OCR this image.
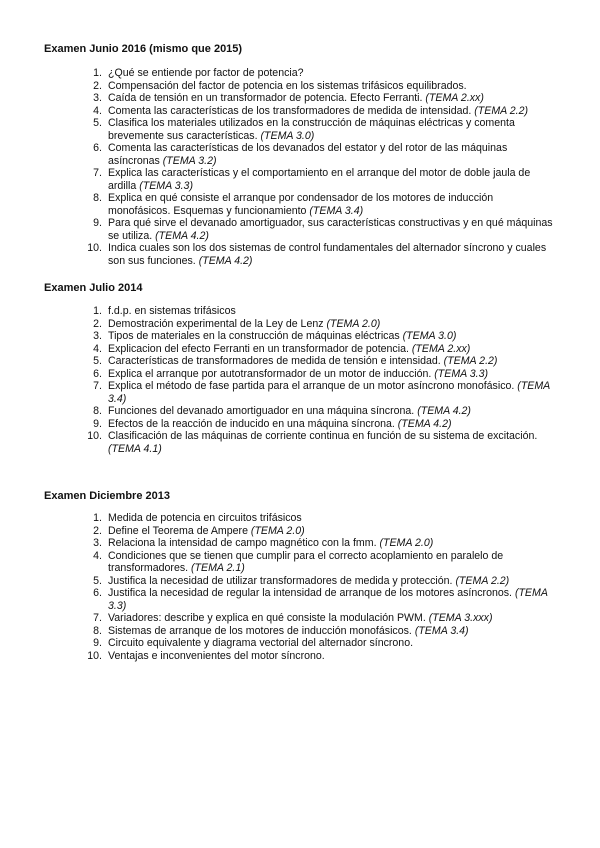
Examen Junio 2016 (mismo que 2015)

1. ¿Qué se entiende por factor de potencia?
2. Compensación del factor de potencia en los sistemas trifásicos equilibrados.
3. Caída de tensión en un transformador de potencia. Efecto Ferranti. (TEMA 2.xx)
4. Comenta las características de los transformadores de medida de intensidad. (TEMA 2.2)
5. Clasifica los materiales utilizados en la construcción de máquinas eléctricas y comenta brevemente sus características. (TEMA 3.0)
6. Comenta las características de los devanados del estator y del rotor de las máquinas asíncronas (TEMA 3.2)
7. Explica las características y el comportamiento en el arranque del motor de doble jaula de ardilla (TEMA 3.3)
8. Explica en qué consiste el arranque por condensador de los motores de inducción monofásicos. Esquemas y funcionamiento (TEMA 3.4)
9. Para qué sirve el devanado amortiguador, sus características constructivas y en qué máquinas se utiliza. (TEMA 4.2)
10. Indica cuales son los dos sistemas de control fundamentales del alternador síncrono y cuales son sus funciones. (TEMA 4.2)

Examen Julio 2014

1. f.d.p. en sistemas trifásicos
2. Demostración experimental de la Ley de Lenz (TEMA 2.0)
3. Tipos de materiales en la construcción de máquinas eléctricas (TEMA 3.0)
4. Explicacion del efecto Ferranti en un transformador de potencia. (TEMA 2.xx)
5. Características de transformadores de medida de tensión e intensidad. (TEMA 2.2)
6. Explica el arranque por autotransformador de un motor de inducción. (TEMA 3.3)
7. Explica el método de fase partida para el arranque de un motor asíncrono monofásico. (TEMA 3.4)
8. Funciones del devanado amortiguador en una máquina síncrona. (TEMA 4.2)
9. Efectos de la reacción de inducido en una máquina síncrona. (TEMA 4.2)
10. Clasificación de las máquinas de corriente continua en función de su sistema de excitación. (TEMA 4.1)

Examen Diciembre 2013

1. Medida de potencia en circuitos trifásicos
2. Define el Teorema de Ampere (TEMA 2.0)
3. Relaciona la intensidad de campo magnético con la fmm. (TEMA 2.0)
4. Condiciones que se tienen que cumplir para el correcto acoplamiento en paralelo de transformadores. (TEMA 2.1)
5. Justifica la necesidad de utilizar transformadores de medida y protección. (TEMA 2.2)
6. Justifica la necesidad de regular la intensidad de arranque de los motores asíncronos. (TEMA 3.3)
7. Variadores: describe y explica en qué consiste la modulación PWM. (TEMA 3.xxx)
8. Sistemas de arranque de los motores de inducción monofásicos. (TEMA 3.4)
9. Circuito equivalente y diagrama vectorial del alternador síncrono.
10. Ventajas e inconvenientes del motor síncrono.
